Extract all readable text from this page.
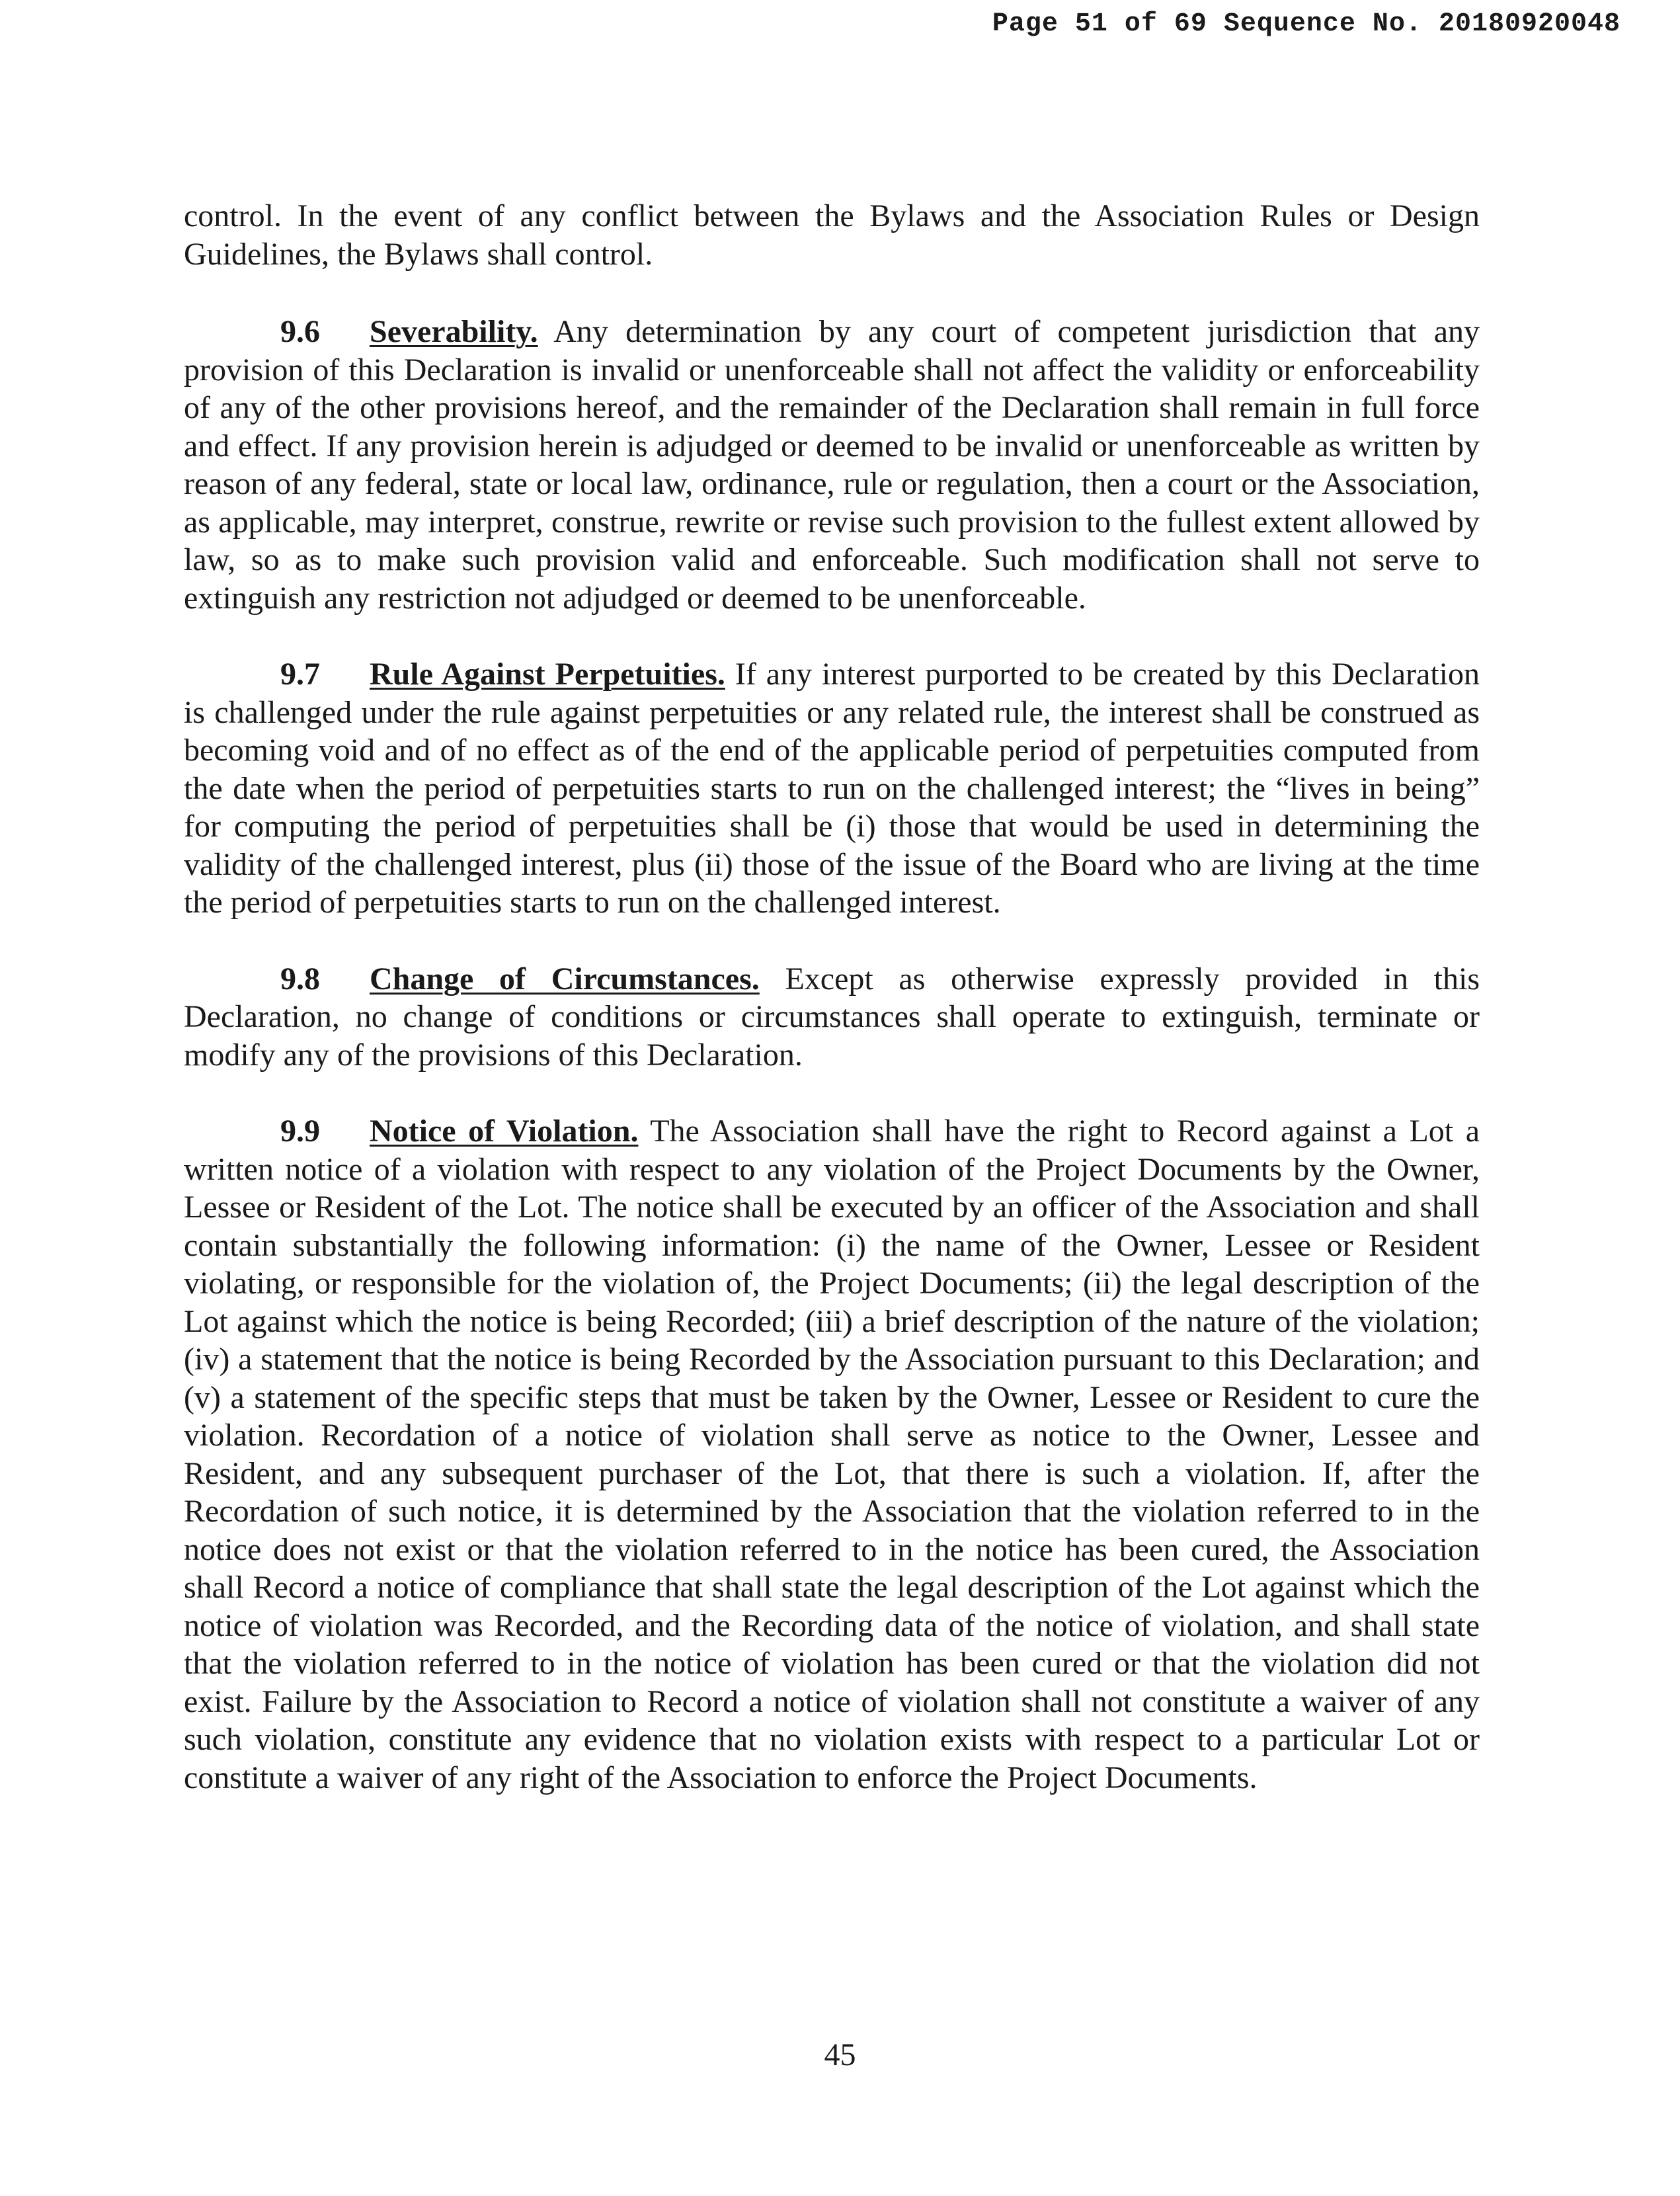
Page 51 of 69 Sequence No. 20180920048

control. In the event of any conflict between the Bylaws and the Association Rules or Design Guidelines, the Bylaws shall control.

9.6 Severability. Any determination by any court of competent jurisdiction that any provision of this Declaration is invalid or unenforceable shall not affect the validity or enforceability of any of the other provisions hereof, and the remainder of the Declaration shall remain in full force and effect. If any provision herein is adjudged or deemed to be invalid or unenforceable as written by reason of any federal, state or local law, ordinance, rule or regulation, then a court or the Association, as applicable, may interpret, construe, rewrite or revise such provision to the fullest extent allowed by law, so as to make such provision valid and enforceable. Such modification shall not serve to extinguish any restriction not adjudged or deemed to be unenforceable.

9.7 Rule Against Perpetuities. If any interest purported to be created by this Declaration is challenged under the rule against perpetuities or any related rule, the interest shall be construed as becoming void and of no effect as of the end of the applicable period of perpetuities computed from the date when the period of perpetuities starts to run on the challenged interest; the “lives in being” for computing the period of perpetuities shall be (i) those that would be used in determining the validity of the challenged interest, plus (ii) those of the issue of the Board who are living at the time the period of perpetuities starts to run on the challenged interest.

9.8 Change of Circumstances. Except as otherwise expressly provided in this Declaration, no change of conditions or circumstances shall operate to extinguish, terminate or modify any of the provisions of this Declaration.

9.9 Notice of Violation. The Association shall have the right to Record against a Lot a written notice of a violation with respect to any violation of the Project Documents by the Owner, Lessee or Resident of the Lot. The notice shall be executed by an officer of the Association and shall contain substantially the following information: (i) the name of the Owner, Lessee or Resident violating, or responsible for the violation of, the Project Documents; (ii) the legal description of the Lot against which the notice is being Recorded; (iii) a brief description of the nature of the violation; (iv) a statement that the notice is being Recorded by the Association pursuant to this Declaration; and (v) a statement of the specific steps that must be taken by the Owner, Lessee or Resident to cure the violation. Recordation of a notice of violation shall serve as notice to the Owner, Lessee and Resident, and any subsequent purchaser of the Lot, that there is such a violation. If, after the Recordation of such notice, it is determined by the Association that the violation referred to in the notice does not exist or that the violation referred to in the notice has been cured, the Association shall Record a notice of compliance that shall state the legal description of the Lot against which the notice of violation was Recorded, and the Recording data of the notice of violation, and shall state that the violation referred to in the notice of violation has been cured or that the violation did not exist. Failure by the Association to Record a notice of violation shall not constitute a waiver of any such violation, constitute any evidence that no violation exists with respect to a particular Lot or constitute a waiver of any right of the Association to enforce the Project Documents.

45
